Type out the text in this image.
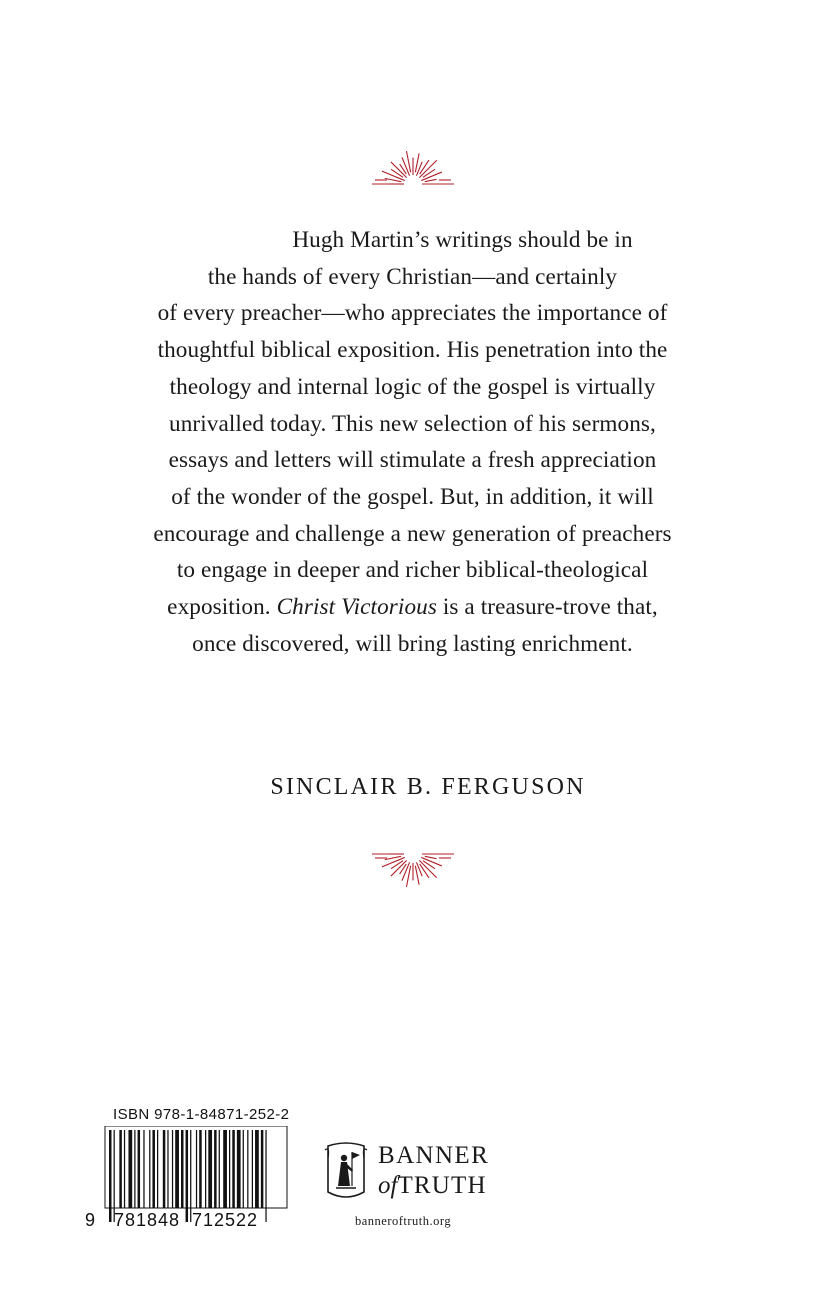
Hugh Martin’s writings should be in
the hands of every Christian—and certainly
of every preacher—who appreciates the importance of
thoughtful biblical exposition. His penetration into the
theology and internal logic of the gospel is virtually
unrivalled today. This new selection of his sermons,
essays and letters will stimulate a fresh appreciation
of the wonder of the gospel. But, in addition, it will
encourage and challenge a new generation of preachers
to engage in deeper and richer biblical-theological
exposition. Christ Victorious is a treasure-trove that,
once discovered, will bring lasting enrichment.
SINCLAIR B. FERGUSON
ISBN 978-1-84871-252-2
9 781848 712522
BANNER
ofTRUTH
banneroftruth.org
